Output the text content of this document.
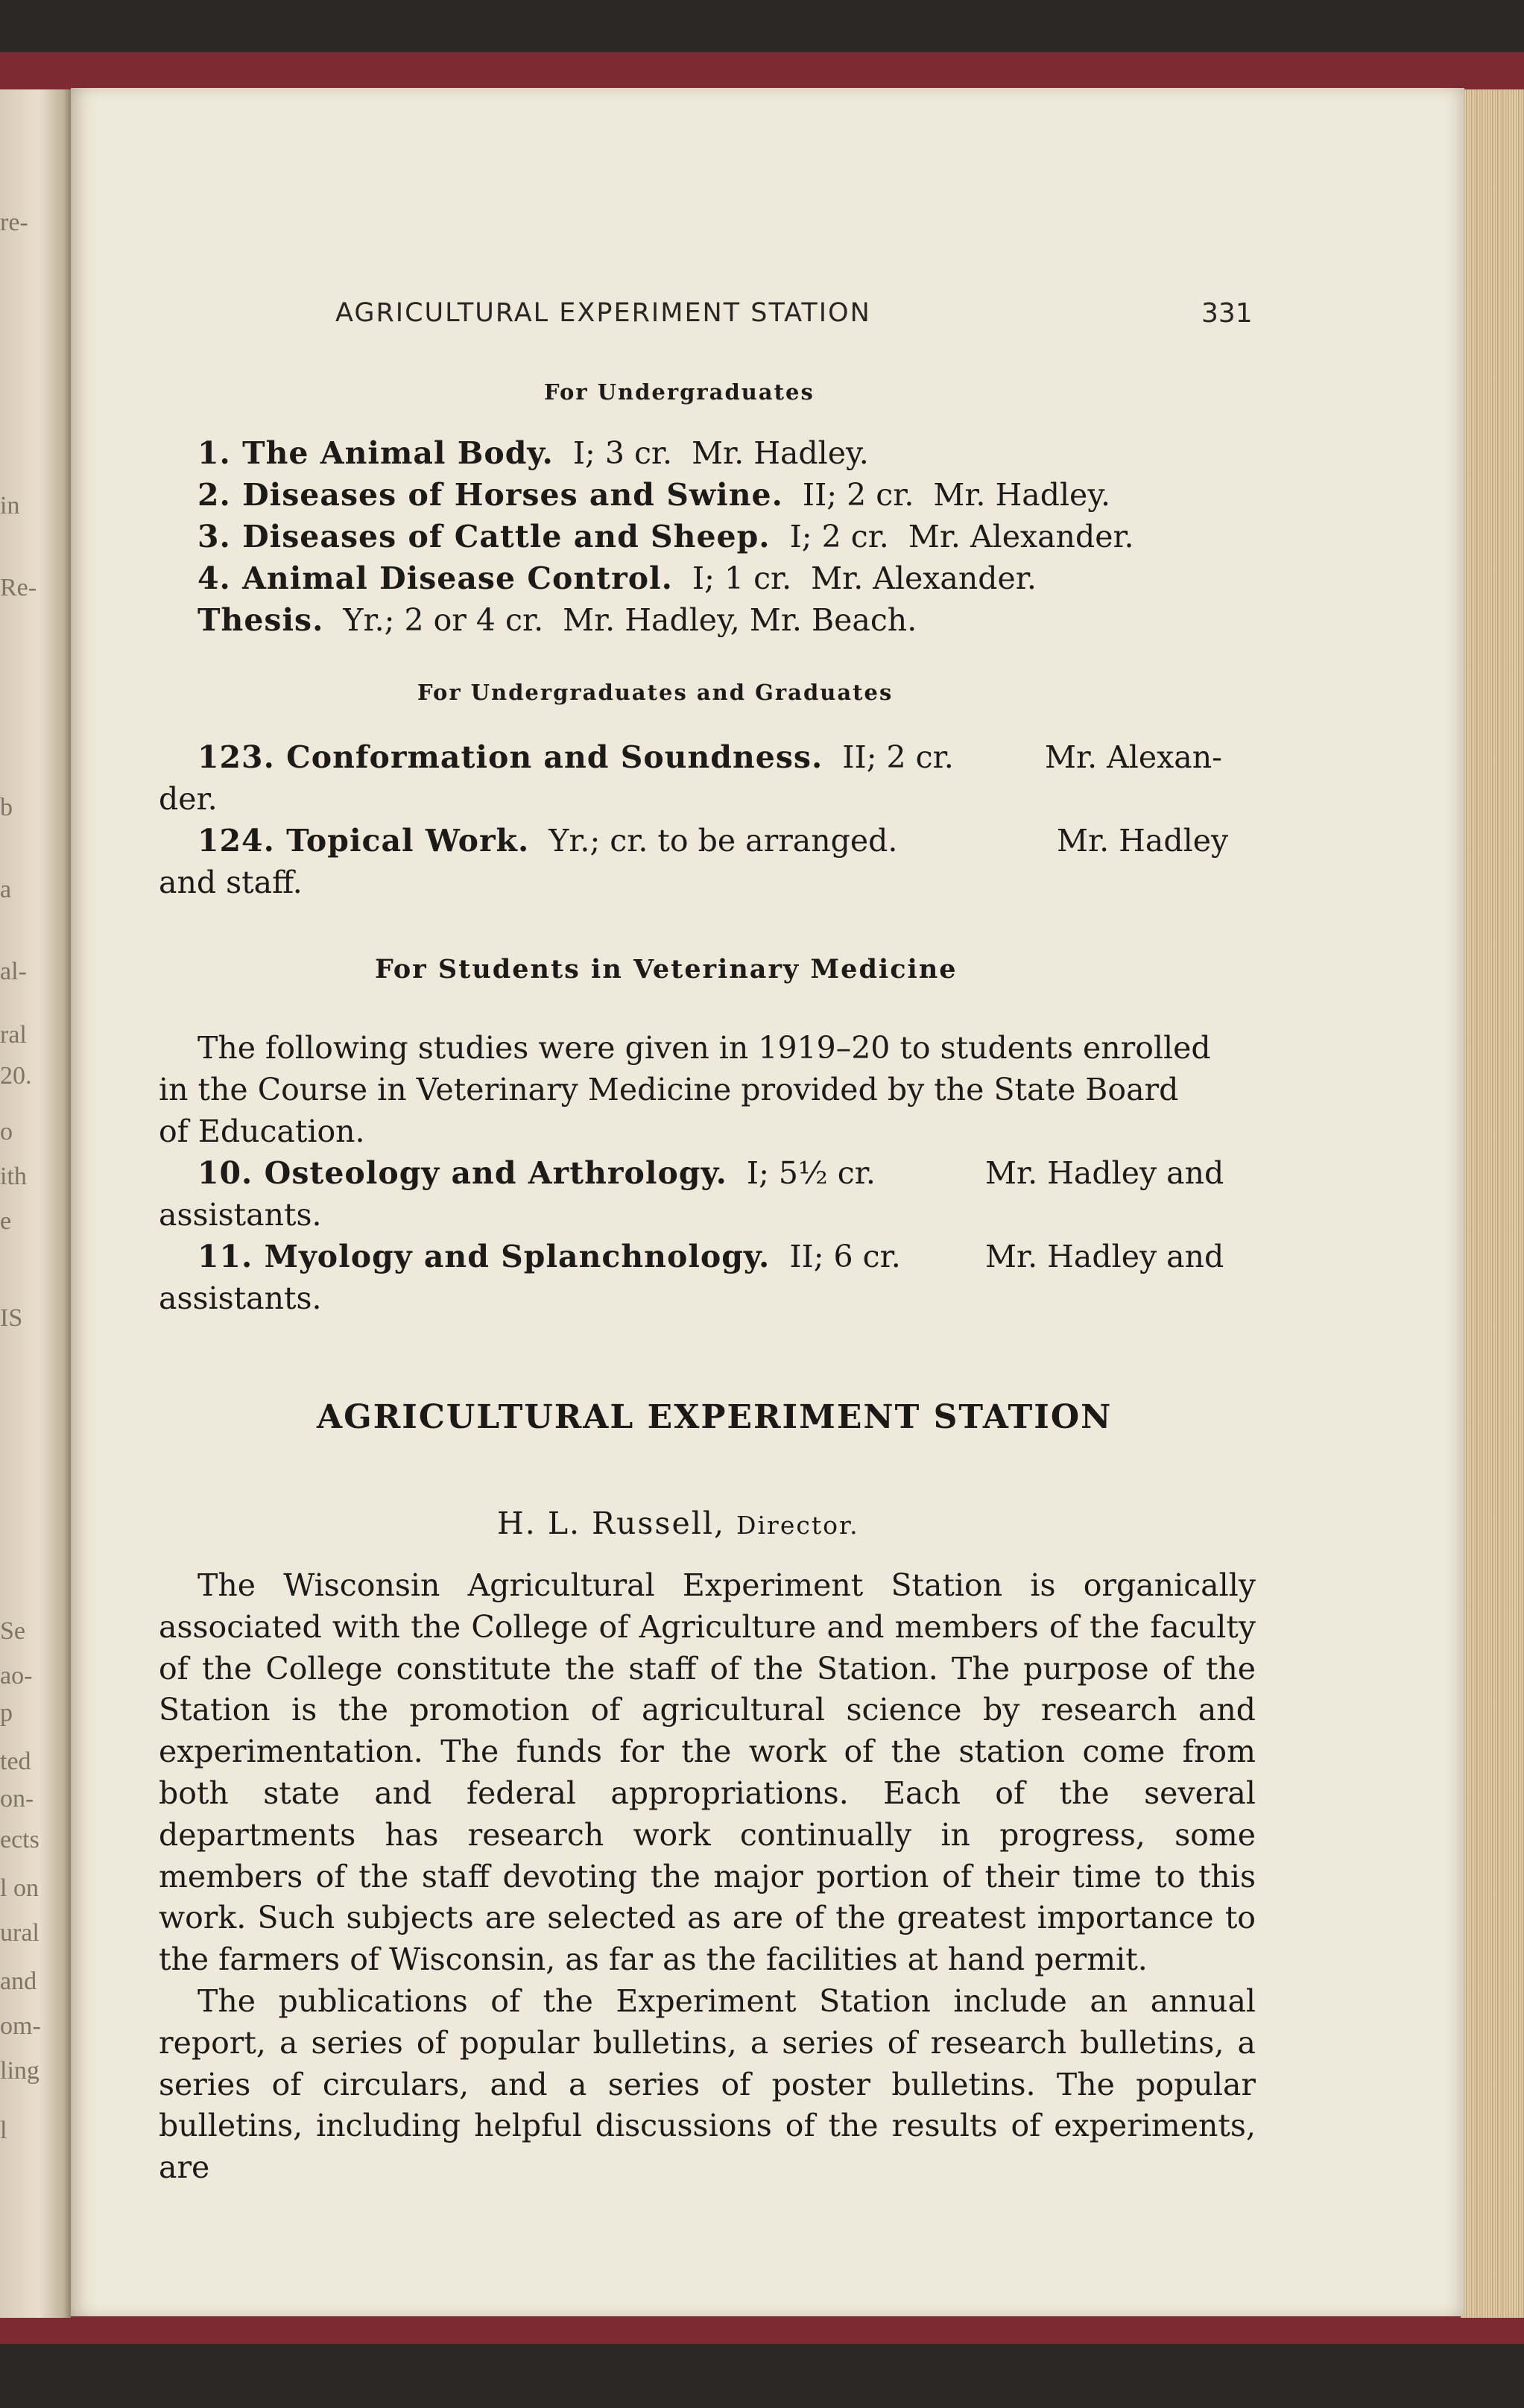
re-
in
Re-
b
a
al-
ral
20.
o
ith
e
IS
Se
ao-
p
ted
on-
ects
l on
ural
and
om-
ling
l

AGRICULTURAL EXPERIMENT STATION	331

For Undergraduates

1. The Animal Body. I; 3 cr. Mr. Hadley.

2. Diseases of Horses and Swine. II; 2 cr. Mr. Hadley.

3. Diseases of Cattle and Sheep. I; 2 cr. Mr. Alexander.

4. Animal Disease Control. I; 1 cr. Mr. Alexander.

Thesis. Yr.; 2 or 4 cr. Mr. Hadley, Mr. Beach.

For Undergraduates and Graduates

123. Conformation and Soundness. II; 2 cr.	Mr. Alexan-

der.

124. Topical Work. Yr.; cr. to be arranged.	Mr. Hadley

and staff.

For Students in Veterinary Medicine

The following studies were given in 1919–20 to students enrolled

in the Course in Veterinary Medicine provided by the State Board

of Education.

10. Osteology and Arthrology. I; 5½ cr.	Mr. Hadley and

assistants.

11. Myology and Splanchnology. II; 6 cr.	Mr. Hadley and

assistants.

AGRICULTURAL EXPERIMENT STATION

H. L. Russell, Director.

The Wisconsin Agricultural Experiment Station is organically associated with the College of Agriculture and members of the faculty of the College constitute the staff of the Station. The purpose of the Station is the promotion of agricultural science by research and experimentation. The funds for the work of the station come from both state and federal appropriations. Each of the several departments has research work continually in progress, some members of the staff devoting the major portion of their time to this work. Such subjects are selected as are of the greatest importance to the farmers of Wisconsin, as far as the facilities at hand permit.

The publications of the Experiment Station include an annual report, a series of popular bulletins, a series of research bulletins, a series of circulars, and a series of poster bulletins. The popular bulletins, including helpful discussions of the results of experiments, are
